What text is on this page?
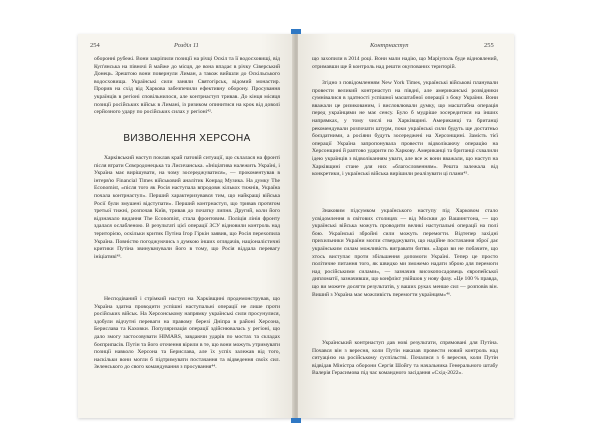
254	Розділ 11
оборонні рубежі. Вони закріпили позиції на річці Оскіл та її водосховищі, від Куп'янська на півночі й майже до місця, де вона впадає в річку Сіверський Донець. Зрештою вони повернули Лиман, а також вийшли до Оскільського водосховища. Українські сили заняли Святогірськ, відомий монастир. Прорив на схід від Харкова забезпечили ефективну оборону. Просування українців в регіоні сповільнилося, але контрнаступ тривав. До кінця місяця позиції російських військ в Лимані, із ризиком опинитися на крок від доволі серйозного удару по російських силах у регіоні⁴².
ВИЗВОЛЕННЯ ХЕРСОНА
Харківський наступ поклав край патовій ситуації, що склалася на фронті після втрати Сєвєродонецька та Лисичанська. «Ініціатива належить Україні, і Україна має вирішувати, на чому зосереджуватися», — прокоментував в інтерв'ю Financial Times військовий аналітик Конрад Музика. На думку The Economist, «після того як Росія наступала впродовж кількох тижнів, Україна почала контрнаступ». Перший характеризувався тим, що найкращі війська Росії були змушені відступати». Перший контрнаступ, що тривав протягом третьої тижні, розпочав Київ, тривав до початку липня. Другий, коли його відзначало видання The Economist, стала фронтовим. Поліція лінія фронту здалася ослабленою. В результаті цієї операції ЗСУ відновили контроль над територією, оскільки критик Путіна Ігор Гіркін заявив, що Росія перехопила Україна. Повністю погоджуючись з думкою інших оглядачів, націоналістичні критики Путіна звинувачували його в тому, що Росія віддала перевагу ініціативі⁴³.
Несподіваний і стрімкий наступ на Харківщині продемонстрував, що Україна здатна проводити успішні наступальні операції не лише проти російських військ. На Херсонському напрямку українські сили просунулися, здобули відчутні переваги на правому березі Дніпра в районі Херсона, Берислава та Каховки. Популяризація операції здійснювалась у регіоні, що дало змогу застосовувати HIMARS, завдаючи ударів по мостах та складах боєприпасів. Путін та його оточення вірили в те, що вони можуть утримувати позиції навколо Херсона та Берислава, але їх успіх залежав від того, наскільки вони могли б підтримувати постачання та відведення своїх сил. Зеленського до свого командування з просування⁴⁴.
Контрнаступ	255
що захопили в 2014 році. Вони мали надію, що Маріуполь буде відновлений, отримавши ще й контроль над решти окупованих територій.
Згідно з повідомленням New York Times, українські військові планували провести великий контрнаступ на півдні, але американські розвідники сумнівалися в здатності успішної масштабної операції з боку України. Вони вважали це ризикованим, і висловлювали думку, що масштабна операція перед українцями не має сенсу. Було б мудріше зосередитися на інших напрямках, у тому числі на Харківщині. Американці та британці рекомендували розпочати штурм, поки українські сили будуть ще достатньо боєздатними, а росіяни будуть зосереджені на Херсонщині. Замість тієї операції Україна запропонувала провести відволікаючу операцію на Херсонщині й раптово ударити по Харкову. Американці та британці схвалили ідею українців з відволіканням уваги, але все ж вони вважали, що наступ на Харківщині стане для них «благословенням». Решта залежала від конкретики, і українські війська вирішили реалізувати ці плани⁴⁵.
Знаковим підсумком українського наступу під Харковом стало усвідомлення в світових столицях — від Москви до Вашингтона, — що українські війська можуть проводити великі наступальні операції на полі бою. Українські збройні сили можуть перемогти. Відтепер західні прихильники України могли стверджувати, що надійне постачання зброї дає українським силам можливість вигравати битви. «Зараз ви не побачите, що хтось виступає проти збільшення допомоги Україні. Тепер це просто політичне питання того, як швидко ми зможемо надати зброю для перемоги над російськими силами», — зазначив високопосадовець європейської дипломатії, зазначивши, що конфлікт увійшов у нову фазу. «Це 100 % правда, що ви можете досягти результатів, у ваших руках менше сил — розповів він. Виший з Україна має можливість перемогти українцям»⁴⁶.
Український контрнаступ дав нові результати, спрямовані для Путіна. Почався він з вересня, коли Путін наказав провести новий контроль над ситуацією на російському суспільстві. Почалися з 6 вересня, коли Путін відвідав Міністра оборони Сергія Шойгу та начальника Генерального штабу Валерія Герасимова під час командного засідання «Схід-2022».
